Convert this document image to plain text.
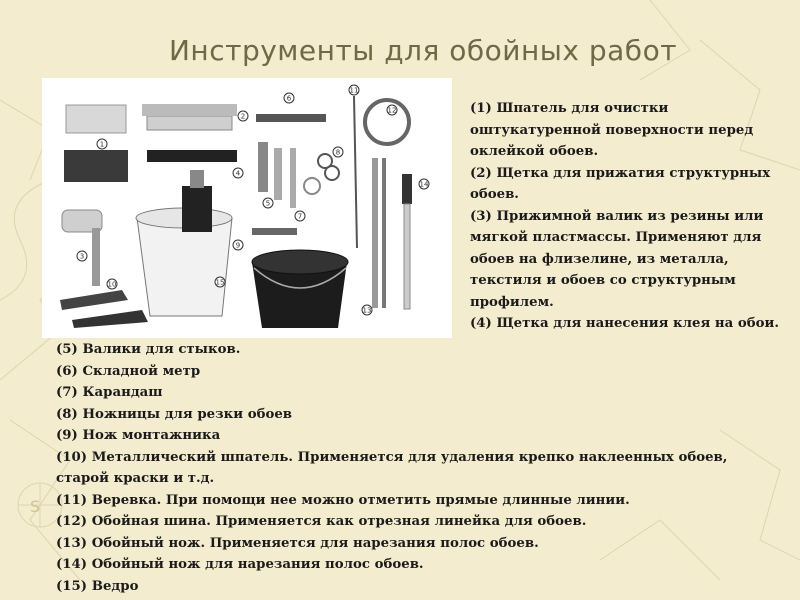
S
Инструменты для обойных работ
1
2
3
4
5
6
7
8
9
10
11
12
13
14
15

(1) Шпатель для очистки оштукатуренной поверхности перед оклейкой обоев.

(2) Щетка для прижатия структурных обоев.

(3) Прижимной валик из резины или мягкой пластмассы. Применяют для обоев на флизелине, из металла, текстиля и обоев со структурным профилем.

(4) Щетка для нанесения клея на обои.

(5) Валики для стыков.

(6) Складной метр

(7) Карандаш

(8) Ножницы для резки обоев

(9) Нож монтажника

(10) Металлический шпатель. Применяется для удаления крепко наклеенных обоев, старой краски и т.д.

(11) Веревка. При помощи нее можно отметить прямые длинные линии.

(12) Обойная шина. Применяется как отрезная линейка для обоев.

(13) Обойный нож. Применяется для нарезания полос обоев.

(14) Обойный нож для нарезания полос обоев.

(15) Ведро
